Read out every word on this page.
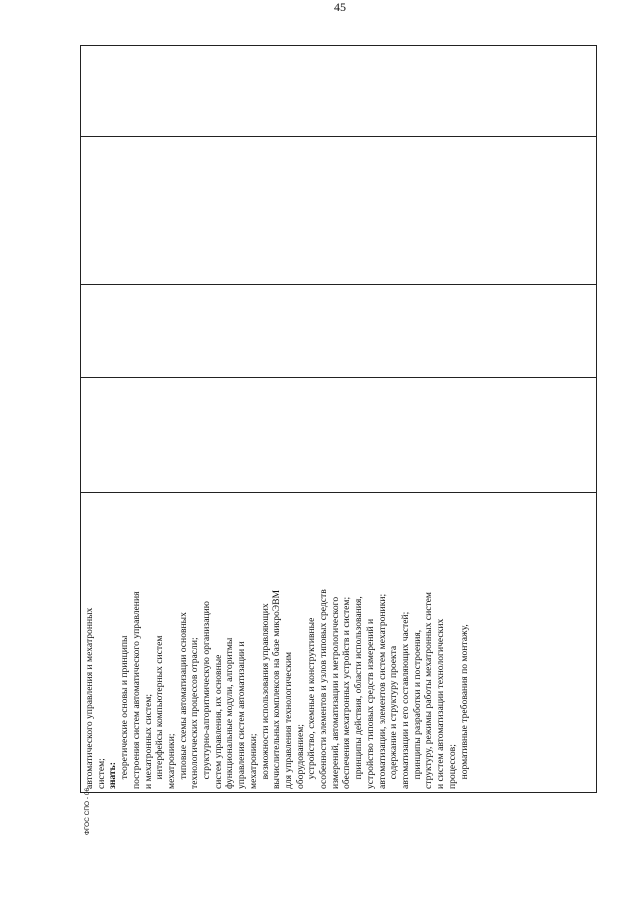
45
автоматического управления и мехатронных систем; знать: теоретические основы и принципы построения систем автоматического управления и мехатронных систем; интерфейсы компьютерных систем мехатроники; типовые схемы автоматизации основных технологических процессов отрасли; структурно-алгоритмическую организацию систем управления, их основные функциональные модули, алгоритмы управления систем автоматизации и мехатроники; возможности использования управляющих вычислительных комплексов на базе микроЭВМ для управления технологическим оборудованием; устройство, схемные и конструктивные особенности элементов и узлов типовых средств измерений, автоматизации и метрологического обеспечения мехатронных устройств и систем; принципы действия, области использования, устройство типовых средств измерений и автоматизации, элементов систем мехатроники; содержание и структуру проекта автоматизации и его составляющих частей; принципы разработки и построения, структуру, режимы работы мехатронных систем и систем автоматизации технологических процессов; нормативные требования по монтажу,
ФГОС СПО - 06
